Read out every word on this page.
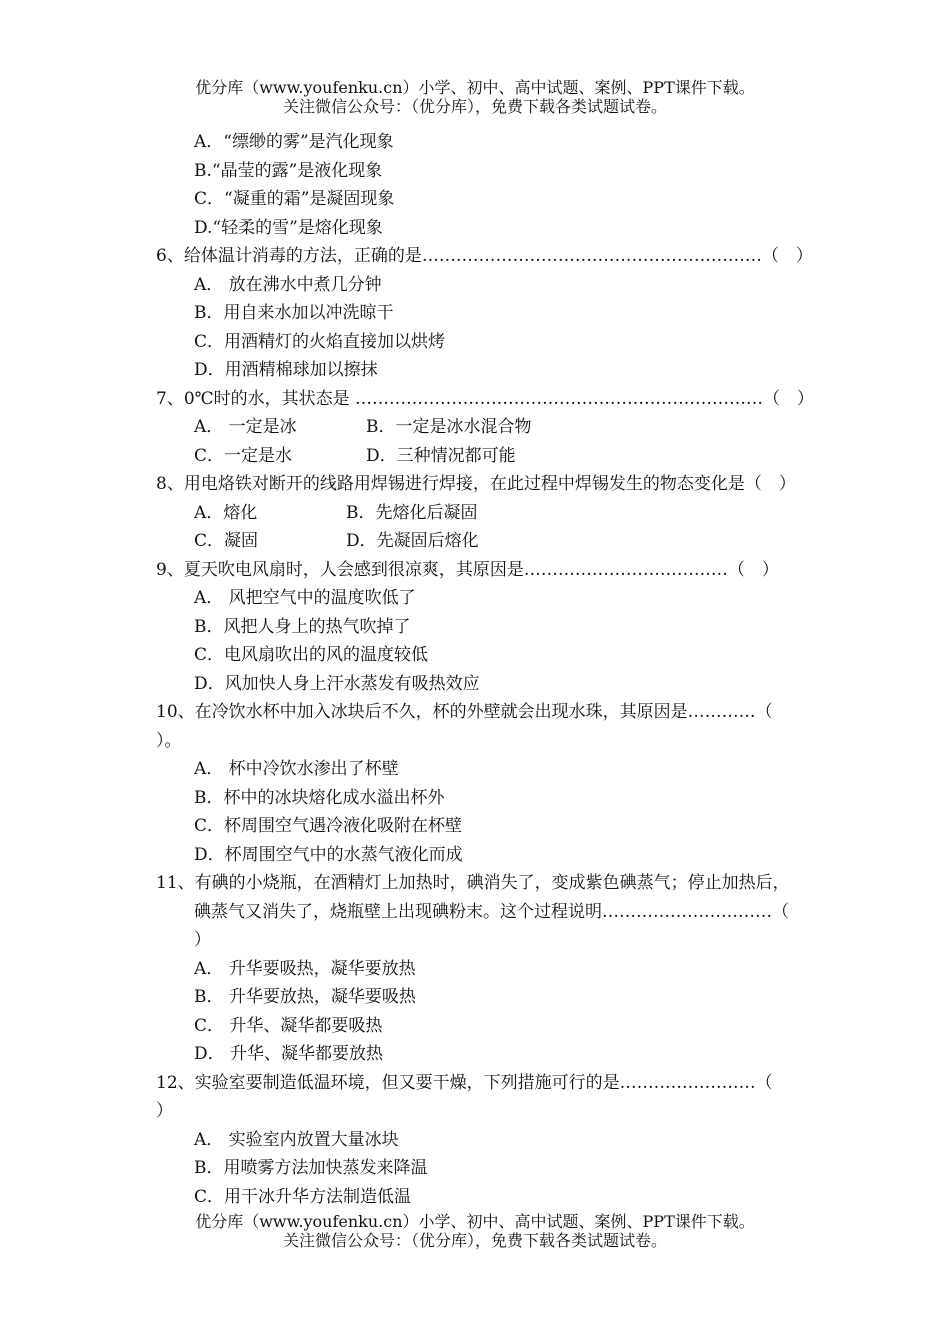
优分库（www.youfenku.cn）小学、初中、高中试题、案例、PPT课件下载。
关注微信公众号：（优分库），免费下载各类试题试卷。
A．“缥缈的雾”是汽化现象
B.“晶莹的露”是液化现象
C．“凝重的霜”是凝固现象
D.“轻柔的雪”是熔化现象
6、给体温计消毒的方法，正确的是……………………………………………………（　）
A． 放在沸水中煮几分钟
B．用自来水加以冲洗晾干
C．用酒精灯的火焰直接加以烘烤
D．用酒精棉球加以擦抹
7、0℃时的水，其状态是 ………………………………………………………………（　）
A． 一定是冰	B．一定是冰水混合物
C．一定是水	D．三种情况都可能
8、用电烙铁对断开的线路用焊锡进行焊接，在此过程中焊锡发生的物态变化是（　）
A．熔化	B．先熔化后凝固
C．凝固	D．先凝固后熔化
9、夏天吹电风扇时，人会感到很凉爽，其原因是………………………………（　）
A． 风把空气中的温度吹低了
B．风把人身上的热气吹掉了
C．电风扇吹出的风的温度较低
D．风加快人身上汗水蒸发有吸热效应
10、在冷饮水杯中加入冰块后不久，杯的外壁就会出现水珠，其原因是…………（
）。
A． 杯中冷饮水渗出了杯壁
B．杯中的冰块熔化成水溢出杯外
C．杯周围空气遇冷液化吸附在杯壁
D．杯周围空气中的水蒸气液化而成
11、有碘的小烧瓶，在酒精灯上加热时，碘消失了，变成紫色碘蒸气；停止加热后，
碘蒸气又消失了，烧瓶壁上出现碘粉末。这个过程说明…………………………（
）
A． 升华要吸热，凝华要放热
B． 升华要放热，凝华要吸热
C． 升华、凝华都要吸热
D． 升华、凝华都要放热
12、实验室要制造低温环境，但又要干燥，下列措施可行的是……………………（
）
A． 实验室内放置大量冰块
B．用喷雾方法加快蒸发来降温
C．用干冰升华方法制造低温
优分库（www.youfenku.cn）小学、初中、高中试题、案例、PPT课件下载。
关注微信公众号：（优分库），免费下载各类试题试卷。
